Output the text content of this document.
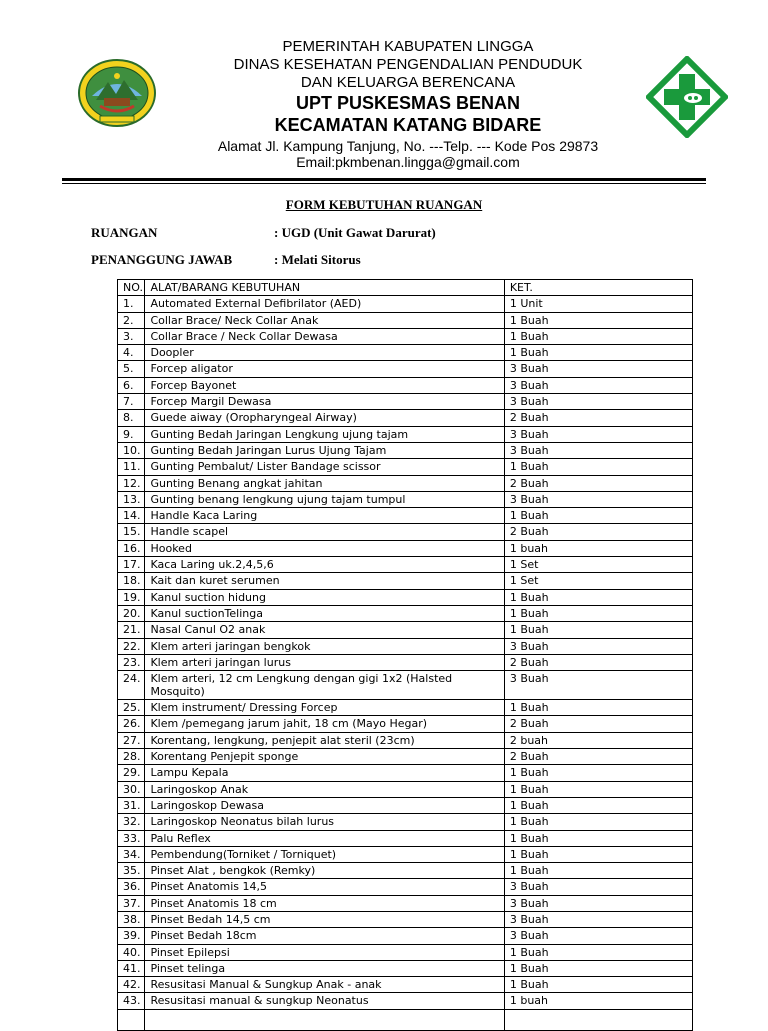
PEMERINTAH KABUPATEN LINGGA
DINAS KESEHATAN PENGENDALIAN PENDUDUK
DAN KELUARGA BERENCANA
UPT PUSKESMAS BENAN
KECAMATAN KATANG BIDARE
Alamat Jl. Kampung Tanjung, No. ---Telp. --- Kode Pos 29873
Email:pkmbenan.lingga@gmail.com
FORM KEBUTUHAN RUANGAN
RUANGAN	: UGD (Unit Gawat Darurat)
PENANGGUNG JAWAB	: Melati Sitorus
NO.	ALAT/BARANG KEBUTUHAN	KET.
1.	Automated External Defibrilator (AED)	1 Unit
2.	Collar Brace/ Neck Collar Anak	1 Buah
3.	Collar Brace / Neck Collar Dewasa	1 Buah
4.	Doopler	1 Buah
5.	Forcep aligator	3 Buah
6.	Forcep Bayonet	3 Buah
7.	Forcep Margil Dewasa	3 Buah
8.	Guede aiway (Oropharyngeal Airway)	2 Buah
9.	Gunting Bedah Jaringan Lengkung ujung tajam	3 Buah
10.	Gunting Bedah Jaringan Lurus Ujung Tajam	3 Buah
11.	Gunting Pembalut/ Lister Bandage scissor	1 Buah
12.	Gunting Benang angkat jahitan	2 Buah
13.	Gunting benang lengkung ujung tajam tumpul	3 Buah
14.	Handle Kaca Laring	1 Buah
15.	Handle scapel	2 Buah
16.	Hooked	1 buah
17.	Kaca Laring uk.2,4,5,6	1 Set
18.	Kait dan kuret serumen	1 Set
19.	Kanul suction hidung	1 Buah
20.	Kanul suctionTelinga	1 Buah
21.	Nasal Canul O2 anak	1 Buah
22.	Klem arteri jaringan bengkok	3 Buah
23.	Klem arteri jaringan lurus	2 Buah
24.	Klem arteri, 12 cm Lengkung dengan gigi 1x2 (Halsted Mosquito)	3 Buah
25.	Klem instrument/ Dressing Forcep	1 Buah
26.	Klem /pemegang jarum jahit, 18 cm (Mayo Hegar)	2 Buah
27.	Korentang, lengkung, penjepit alat steril (23cm)	2 buah
28.	Korentang Penjepit sponge	2 Buah
29.	Lampu Kepala	1 Buah
30.	Laringoskop Anak	1 Buah
31.	Laringoskop Dewasa	1 Buah
32.	Laringoskop Neonatus bilah lurus	1 Buah
33.	Palu Reflex	1 Buah
34.	Pembendung(Torniket / Torniquet)	1 Buah
35.	Pinset Alat , bengkok (Remky)	1 Buah
36.	Pinset Anatomis 14,5	3 Buah
37.	Pinset Anatomis 18 cm	3 Buah
38.	Pinset Bedah 14,5 cm	3 Buah
39.	Pinset Bedah 18cm	3 Buah
40.	Pinset Epilepsi	1 Buah
41.	Pinset telinga	1 Buah
42.	Resusitasi Manual & Sungkup Anak - anak	1 Buah
43.	Resusitasi manual & sungkup Neonatus	1 buah
